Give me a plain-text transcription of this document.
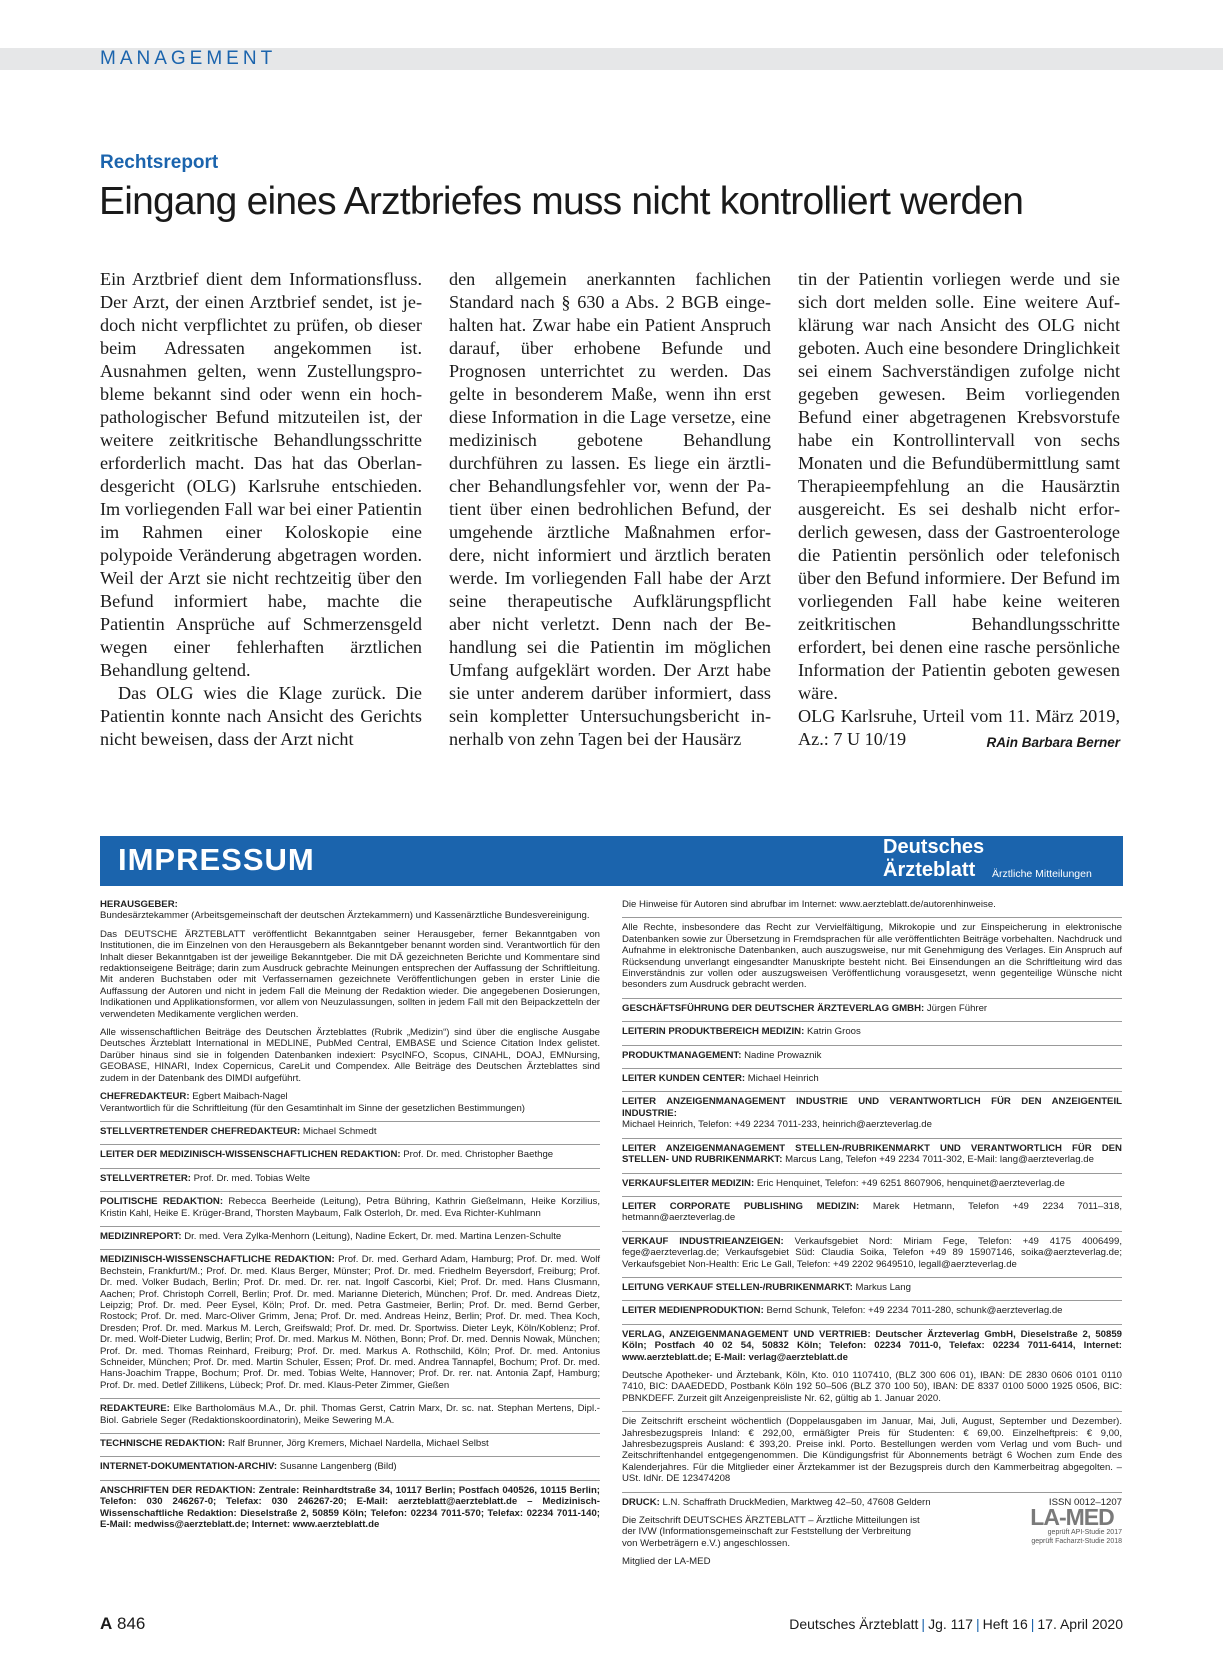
MANAGEMENT
Rechtsreport
Eingang eines Arztbriefes muss nicht kontrolliert werden

Ein Arztbrief dient dem Informationsfluss. Der Arzt, der einen Arztbrief sendet, ist jedoch nicht verpflichtet zu prüfen, ob dieser beim Adressaten angekommen ist. Ausnahmen gelten, wenn Zustellungsprobleme bekannt sind oder wenn ein hochpathologischer Befund mitzuteilen ist, der weitere zeitkritische Behandlungsschritte erforderlich macht. Das hat das Oberlandesgericht (OLG) Karlsruhe entschieden. Im vorliegenden Fall war bei einer Patientin im Rahmen einer Koloskopie eine polypoide Veränderung abgetragen worden. Weil der Arzt sie nicht rechtzeitig über den Befund informiert habe, machte die Patientin Ansprüche auf Schmerzensgeld wegen einer fehlerhaften ärztlichen Behandlung geltend.

Das OLG wies die Klage zurück. Die Patientin konnte nach Ansicht des Gerichts nicht beweisen, dass der Arzt nicht

den allgemein anerkannten fachlichen Standard nach § 630 a Abs. 2 BGB eingehalten hat. Zwar habe ein Patient Anspruch darauf, über erhobene Befunde und Prognosen unterrichtet zu werden. Das gelte in besonderem Maße, wenn ihn erst diese Information in die Lage versetze, eine medizinisch gebotene Behandlung durchführen zu lassen. Es liege ein ärztlicher Behandlungsfehler vor, wenn der Patient über einen bedrohlichen Befund, der umgehende ärztliche Maßnahmen erfordere, nicht informiert und ärztlich beraten werde. Im vorliegenden Fall habe der Arzt seine therapeutische Aufklärungspflicht aber nicht verletzt. Denn nach der Behandlung sei die Patientin im möglichen Umfang aufgeklärt worden. Der Arzt habe sie unter anderem darüber informiert, dass sein kompletter Untersuchungsbericht innerhalb von zehn Tagen bei der Hausärz

tin der Patientin vorliegen werde und sie sich dort melden solle. Eine weitere Aufklärung war nach Ansicht des OLG nicht geboten. Auch eine besondere Dringlichkeit sei einem Sachverständigen zufolge nicht gegeben gewesen. Beim vorliegenden Befund einer abgetragenen Krebsvorstufe habe ein Kontrollintervall von sechs Monaten und die Befundübermittlung samt Therapieempfehlung an die Hausärztin ausgereicht. Es sei deshalb nicht erforderlich gewesen, dass der Gastroenterologe die Patientin persönlich oder telefonisch über den Befund informiere. Der Befund im vorliegenden Fall habe keine weiteren zeitkritischen Behandlungsschritte erfordert, bei denen eine rasche persönliche Information der Patientin geboten gewesen wäre.

OLG Karlsruhe, Urteil vom 11. März 2019, Az.: 7 U 10/19	RAin Barbara Berner

IMPRESSUM	Deutsches
Ärzteblatt Ärztliche Mitteilungen
HERAUSGEBER:
Bundesärztekammer (Arbeitsgemeinschaft der deutschen Ärztekammern) und Kassenärztliche Bundesvereinigung.
Das DEUTSCHE ÄRZTEBLATT veröffentlicht Bekanntgaben seiner Herausgeber, ferner Bekanntgaben von Institutionen, die im Einzelnen von den Herausgebern als Bekanntgeber benannt worden sind. Verantwortlich für den Inhalt dieser Bekanntgaben ist der jeweilige Bekanntgeber. Die mit DÄ gezeichneten Berichte und Kommentare sind redaktionseigene Beiträge; darin zum Ausdruck gebrachte Meinungen entsprechen der Auffassung der Schriftleitung. Mit anderen Buchstaben oder mit Verfassernamen gezeichnete Veröffentlichungen geben in erster Linie die Auffassung der Autoren und nicht in jedem Fall die Meinung der Redaktion wieder. Die angegebenen Dosierungen, Indikationen und Applikationsformen, vor allem von Neuzulassungen, sollten in jedem Fall mit den Beipackzetteln der verwendeten Medikamente verglichen werden.
Alle wissenschaftlichen Beiträge des Deutschen Ärzteblattes (Rubrik „Medizin“) sind über die englische Ausgabe Deutsches Ärzteblatt International in MEDLINE, PubMed Central, EMBASE und Science Citation Index gelistet. Darüber hinaus sind sie in folgenden Datenbanken indexiert: PsycINFO, Scopus, CINAHL, DOAJ, EMNursing, GEOBASE, HINARI, Index Copernicus, CareLit und Compendex. Alle Beiträge des Deutschen Ärzteblattes sind zudem in der Datenbank des DIMDI aufgeführt.
CHEFREDAKTEUR: Egbert Maibach-Nagel
Verantwortlich für die Schriftleitung (für den Gesamtinhalt im Sinne der gesetzlichen Bestimmungen)
STELLVERTRETENDER CHEFREDAKTEUR: Michael Schmedt
LEITER DER MEDIZINISCH-WISSENSCHAFTLICHEN REDAKTION: Prof. Dr. med. Christopher Baethge
STELLVERTRETER: Prof. Dr. med. Tobias Welte
POLITISCHE REDAKTION: Rebecca Beerheide (Leitung), Petra Bühring, Kathrin Gießelmann, Heike Korzilius, Kristin Kahl, Heike E. Krüger-Brand, Thorsten Maybaum, Falk Osterloh, Dr. med. Eva Richter-Kuhlmann
MEDIZINREPORT: Dr. med. Vera Zylka-Menhorn (Leitung), Nadine Eckert, Dr. med. Martina Lenzen-Schulte
MEDIZINISCH-WISSENSCHAFTLICHE REDAKTION: Prof. Dr. med. Gerhard Adam, Hamburg; Prof. Dr. med. Wolf Bechstein, Frankfurt/M.; Prof. Dr. med. Klaus Berger, Münster; Prof. Dr. med. Friedhelm Beyersdorf, Freiburg; Prof. Dr. med. Volker Budach, Berlin; Prof. Dr. med. Dr. rer. nat. Ingolf Cascorbi, Kiel; Prof. Dr. med. Hans Clusmann, Aachen; Prof. Christoph Correll, Berlin; Prof. Dr. med. Marianne Dieterich, München; Prof. Dr. med. Andreas Dietz, Leipzig; Prof. Dr. med. Peer Eysel, Köln; Prof. Dr. med. Petra Gastmeier, Berlin; Prof. Dr. med. Bernd Gerber, Rostock; Prof. Dr. med. Marc-Oliver Grimm, Jena; Prof. Dr. med. Andreas Heinz, Berlin; Prof. Dr. med. Thea Koch, Dresden; Prof. Dr. med. Markus M. Lerch, Greifswald; Prof. Dr. med. Dr. Sportwiss. Dieter Leyk, Köln/Koblenz; Prof. Dr. med. Wolf-Dieter Ludwig, Berlin; Prof. Dr. med. Markus M. Nöthen, Bonn; Prof. Dr. med. Dennis Nowak, München; Prof. Dr. med. Thomas Reinhard, Freiburg; Prof. Dr. med. Markus A. Rothschild, Köln; Prof. Dr. med. Antonius Schneider, München; Prof. Dr. med. Martin Schuler, Essen; Prof. Dr. med. Andrea Tannapfel, Bochum; Prof. Dr. med. Hans-Joachim Trappe, Bochum; Prof. Dr. med. Tobias Welte, Hannover; Prof. Dr. rer. nat. Antonia Zapf, Hamburg; Prof. Dr. med. Detlef Zillikens, Lübeck; Prof. Dr. med. Klaus-Peter Zimmer, Gießen
REDAKTEURE: Elke Bartholomäus M.A., Dr. phil. Thomas Gerst, Catrin Marx, Dr. sc. nat. Stephan Mertens, Dipl.-Biol. Gabriele Seger (Redaktionskoordinatorin), Meike Sewering M.A.
TECHNISCHE REDAKTION: Ralf Brunner, Jörg Kremers, Michael Nardella, Michael Selbst
INTERNET-DOKUMENTATION-ARCHIV: Susanne Langenberg (Bild)
ANSCHRIFTEN DER REDAKTION: Zentrale: Reinhardtstraße 34, 10117 Berlin; Postfach 040526, 10115 Berlin; Telefon: 030 246267-0; Telefax: 030 246267-20; E-Mail: aerzteblatt@aerzteblatt.de – Medizinisch-Wissenschaftliche Redaktion: Dieselstraße 2, 50859 Köln; Telefon: 02234 7011-570; Telefax: 02234 7011-140; E-Mail: medwiss@aerzteblatt.de; Internet: www.aerzteblatt.de
Die Hinweise für Autoren sind abrufbar im Internet: www.aerzteblatt.de/autorenhinweise.
Alle Rechte, insbesondere das Recht zur Vervielfältigung, Mikrokopie und zur Einspeicherung in elektronische Datenbanken sowie zur Übersetzung in Fremdsprachen für alle veröffentlichten Beiträge vorbehalten. Nachdruck und Aufnahme in elektronische Datenbanken, auch auszugsweise, nur mit Genehmigung des Verlages. Ein Anspruch auf Rücksendung unverlangt eingesandter Manuskripte besteht nicht. Bei Einsendungen an die Schriftleitung wird das Einverständnis zur vollen oder auszugsweisen Veröffentlichung vorausgesetzt, wenn gegenteilige Wünsche nicht besonders zum Ausdruck gebracht werden.
GESCHÄFTSFÜHRUNG DER DEUTSCHER ÄRZTEVERLAG GMBH: Jürgen Führer
LEITERIN PRODUKTBEREICH MEDIZIN: Katrin Groos
PRODUKTMANAGEMENT: Nadine Prowaznik
LEITER KUNDEN CENTER: Michael Heinrich
LEITER ANZEIGENMANAGEMENT INDUSTRIE UND VERANTWORTLICH FÜR DEN ANZEIGENTEIL INDUSTRIE:
Michael Heinrich, Telefon: +49 2234 7011-233, heinrich@aerzteverlag.de
LEITER ANZEIGENMANAGEMENT STELLEN-/RUBRIKENMARKT UND VERANTWORTLICH FÜR DEN STELLEN- UND RUBRIKENMARKT: Marcus Lang, Telefon +49 2234 7011-302, E-Mail: lang@aerzteverlag.de
VERKAUFSLEITER MEDIZIN: Eric Henquinet, Telefon: +49 6251 8607906, henquinet@aerzteverlag.de
LEITER CORPORATE PUBLISHING MEDIZIN: Marek Hetmann, Telefon +49 2234 7011–318, hetmann@aerzteverlag.de
VERKAUF INDUSTRIEANZEIGEN: Verkaufsgebiet Nord: Miriam Fege, Telefon: +49 4175 4006499, fege@aerzteverlag.de; Verkaufsgebiet Süd: Claudia Soika, Telefon +49 89 15907146, soika@aerzteverlag.de; Verkaufsgebiet Non-Health: Eric Le Gall, Telefon: +49 2202 9649510, legall@aerzteverlag.de
LEITUNG VERKAUF STELLEN-/RUBRIKENMARKT: Markus Lang
LEITER MEDIENPRODUKTION: Bernd Schunk, Telefon: +49 2234 7011-280, schunk@aerzteverlag.de
VERLAG, ANZEIGENMANAGEMENT UND VERTRIEB: Deutscher Ärzteverlag GmbH, Dieselstraße 2, 50859 Köln; Postfach 40 02 54, 50832 Köln; Telefon: 02234 7011-0, Telefax: 02234 7011-6414, Internet: www.aerzteblatt.de; E-Mail: verlag@aerzteblatt.de
Deutsche Apotheker- und Ärztebank, Köln, Kto. 010 1107410, (BLZ 300 606 01), IBAN: DE 2830 0606 0101 0110 7410, BIC: DAAEDEDD, Postbank Köln 192 50–506 (BLZ 370 100 50), IBAN: DE 8337 0100 5000 1925 0506, BIC: PBNKDEFF. Zurzeit gilt Anzeigenpreisliste Nr. 62, gültig ab 1. Januar 2020.
Die Zeitschrift erscheint wöchentlich (Doppelausgaben im Januar, Mai, Juli, August, September und Dezember). Jahresbezugspreis Inland: € 292,00, ermäßigter Preis für Studenten: € 69,00. Einzelheftpreis: € 9,00, Jahresbezugspreis Ausland: € 393,20. Preise inkl. Porto. Bestellungen werden vom Verlag und vom Buch- und Zeitschriftenhandel entgegengenommen. Die Kündigungsfrist für Abonnements beträgt 6 Wochen zum Ende des Kalenderjahres. Für die Mitglieder einer Ärztekammer ist der Bezugspreis durch den Kammerbeitrag abgegolten. – USt. IdNr. DE 123474208
DRUCK: L.N. Schaffrath DruckMedien, Marktweg 42–50, 47608 Geldern	ISSN 0012–1207
Die Zeitschrift DEUTSCHES ÄRZTEBLATT – Ärztliche Mitteilungen ist der IVW (Informationsgemeinschaft zur Feststellung der Verbreitung von Werbeträgern e.V.) angeschlossen.
Mitglied der LA-MED
LA-MED
geprüft API-Studie 2017
geprüft Facharzt-Studie 2018
A 846	Deutsches Ärzteblatt | Jg. 117 | Heft 16 | 17. April 2020
